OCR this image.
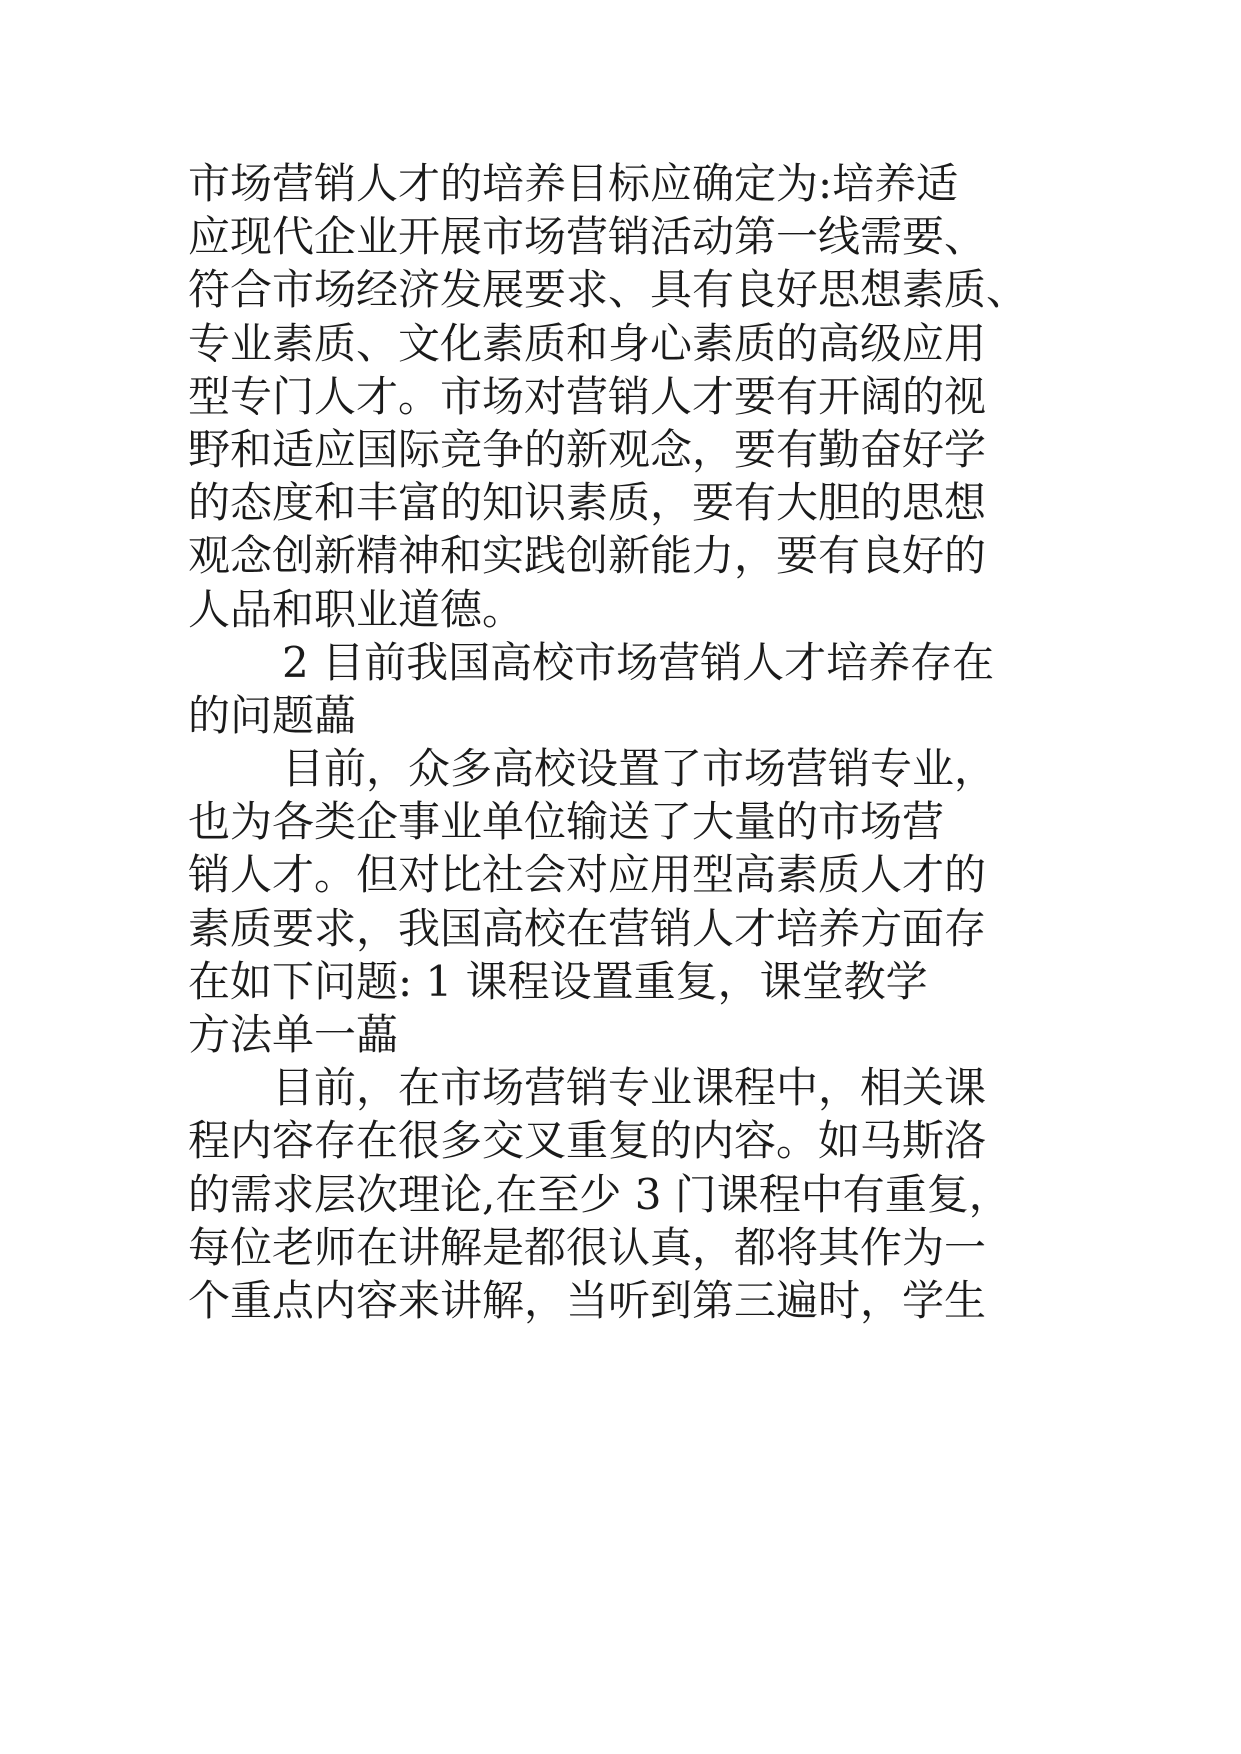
市场营销人才的培养目标应确定为:培养适
应现代企业开展市场营销活动第一线需要、
符合市场经济发展要求、具有良好思想素质、
专业素质、文化素质和身心素质的高级应用
型专门人才。市场对营销人才要有开阔的视
野和适应国际竞争的新观念，要有勤奋好学
的态度和丰富的知识素质，要有大胆的思想
观念创新精神和实践创新能力，要有良好的
人品和职业道德。
2 目前我国高校市场营销人才培养存在
的问题藟
目前，众多高校设置了市场营销专业，
也为各类企事业单位输送了大量的市场营
销人才。但对比社会对应用型高素质人才的
素质要求，我国高校在营销人才培养方面存
在如下问题: 1 课程设置重复，课堂教学
方法单一藟
目前，在市场营销专业课程中，相关课
程内容存在很多交叉重复的内容。如马斯洛
的需求层次理论,在至少 3 门课程中有重复，
每位老师在讲解是都很认真，都将其作为一
个重点内容来讲解，当听到第三遍时，学生
